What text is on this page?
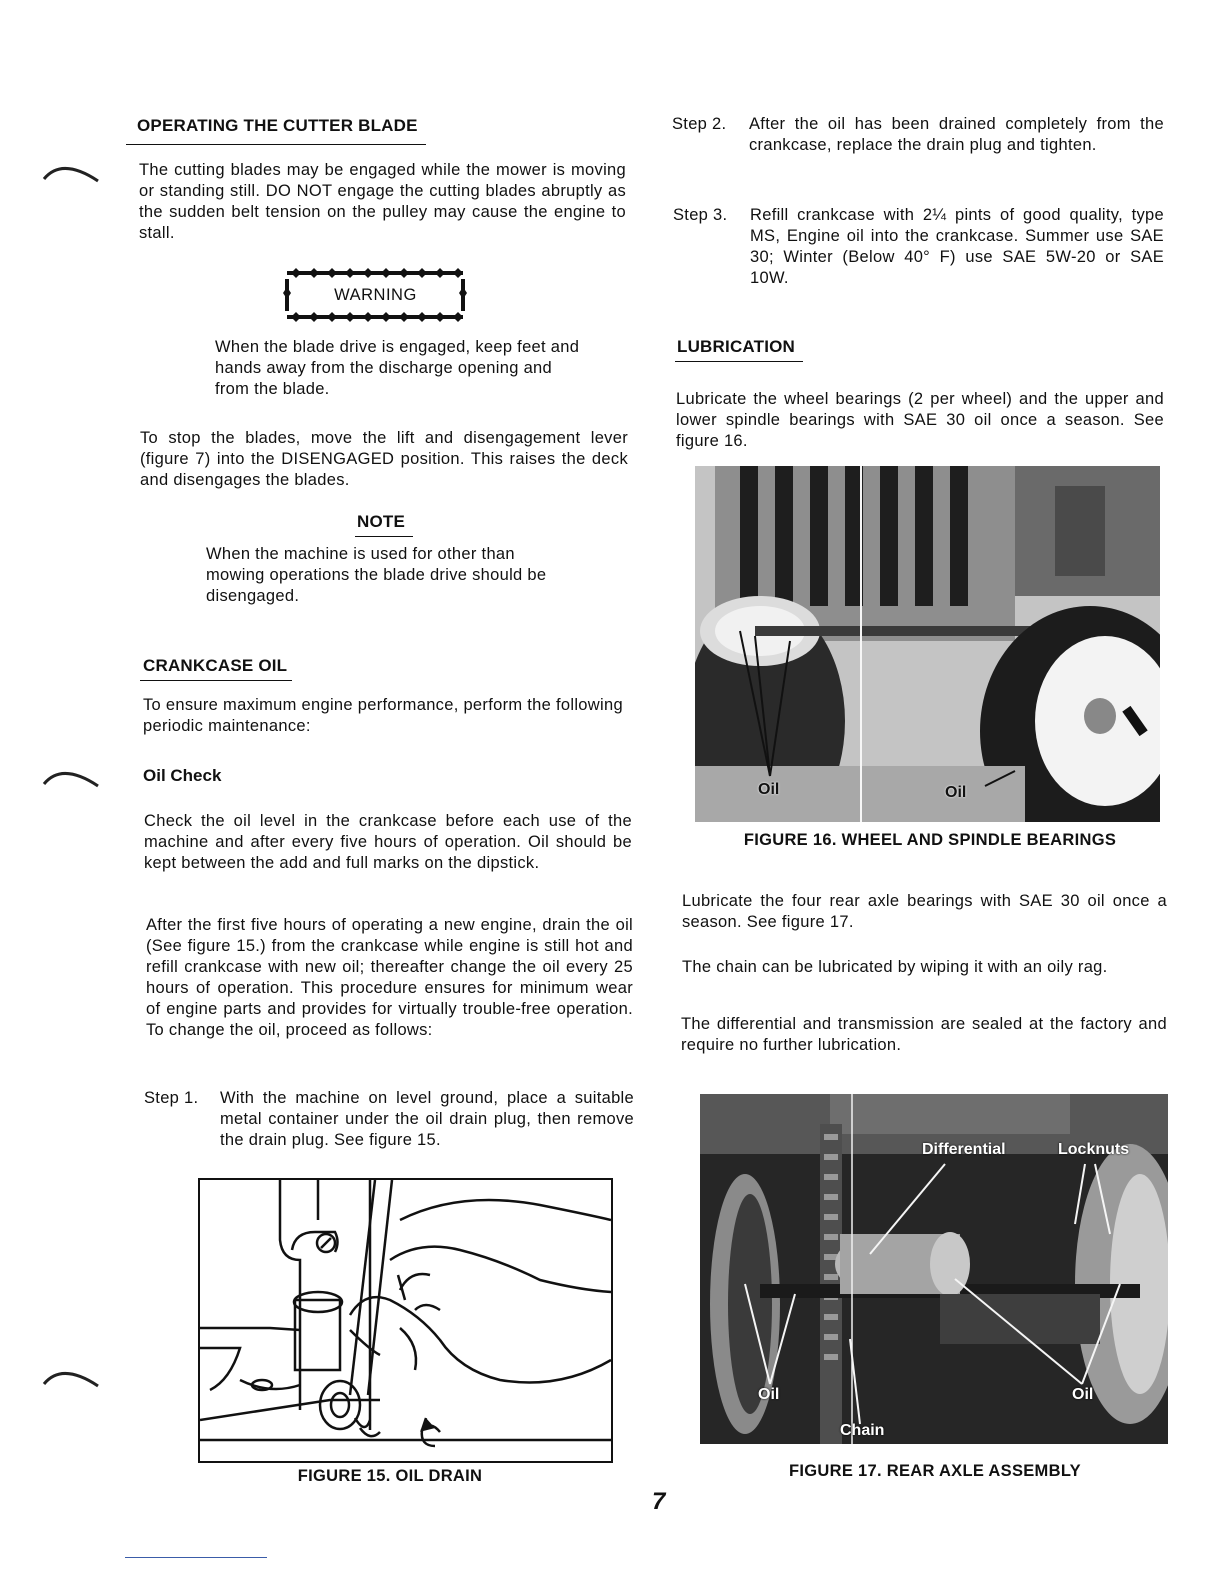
OPERATING THE CUTTER BLADE
The cutting blades may be engaged while the mower is moving or standing still. DO NOT engage the cutting blades abruptly as the sudden belt tension on the pulley may cause the engine to stall.
WARNING
When the blade drive is engaged, keep feet and hands away from the discharge opening and from the blade.
To stop the blades, move the lift and disengagement lever (figure 7) into the DISENGAGED position. This raises the deck and disengages the blades.
NOTE
When the machine is used for other than mowing operations the blade drive should be disengaged.
CRANKCASE OIL
To ensure maximum engine performance, perform the following periodic maintenance:
Oil Check
Check the oil level in the crankcase before each use of the machine and after every five hours of operation. Oil should be kept between the add and full marks on the dipstick.
After the first five hours of operating a new engine, drain the oil (See figure 15.) from the crankcase while engine is still hot and refill crankcase with new oil; thereafter change the oil every 25 hours of operation. This procedure ensures for minimum wear of engine parts and provides for virtually trouble-free operation. To change the oil, proceed as follows:
Step 1.	With the machine on level ground, place a suitable metal container under the oil drain plug, then remove the drain plug. See figure 15.
FIGURE 15. OIL DRAIN
Step 2.	After the oil has been drained completely from the crankcase, replace the drain plug and tighten.
Step 3.	Refill crankcase with 2¼ pints of good quality, type MS, Engine oil into the crankcase. Summer use SAE 30; Winter (Below 40° F) use SAE 5W-20 or SAE 10W.
LUBRICATION
Lubricate the wheel bearings (2 per wheel) and the upper and lower spindle bearings with SAE 30 oil once a season. See figure 16.
Oil	Oil
FIGURE 16. WHEEL AND SPINDLE BEARINGS
Lubricate the four rear axle bearings with SAE 30 oil once a season. See figure 17.
The chain can be lubricated by wiping it with an oily rag.
The differential and transmission are sealed at the factory and require no further lubrication.
Differential	Locknuts
Oil	Oil
Chain
FIGURE 17. REAR AXLE ASSEMBLY
7
